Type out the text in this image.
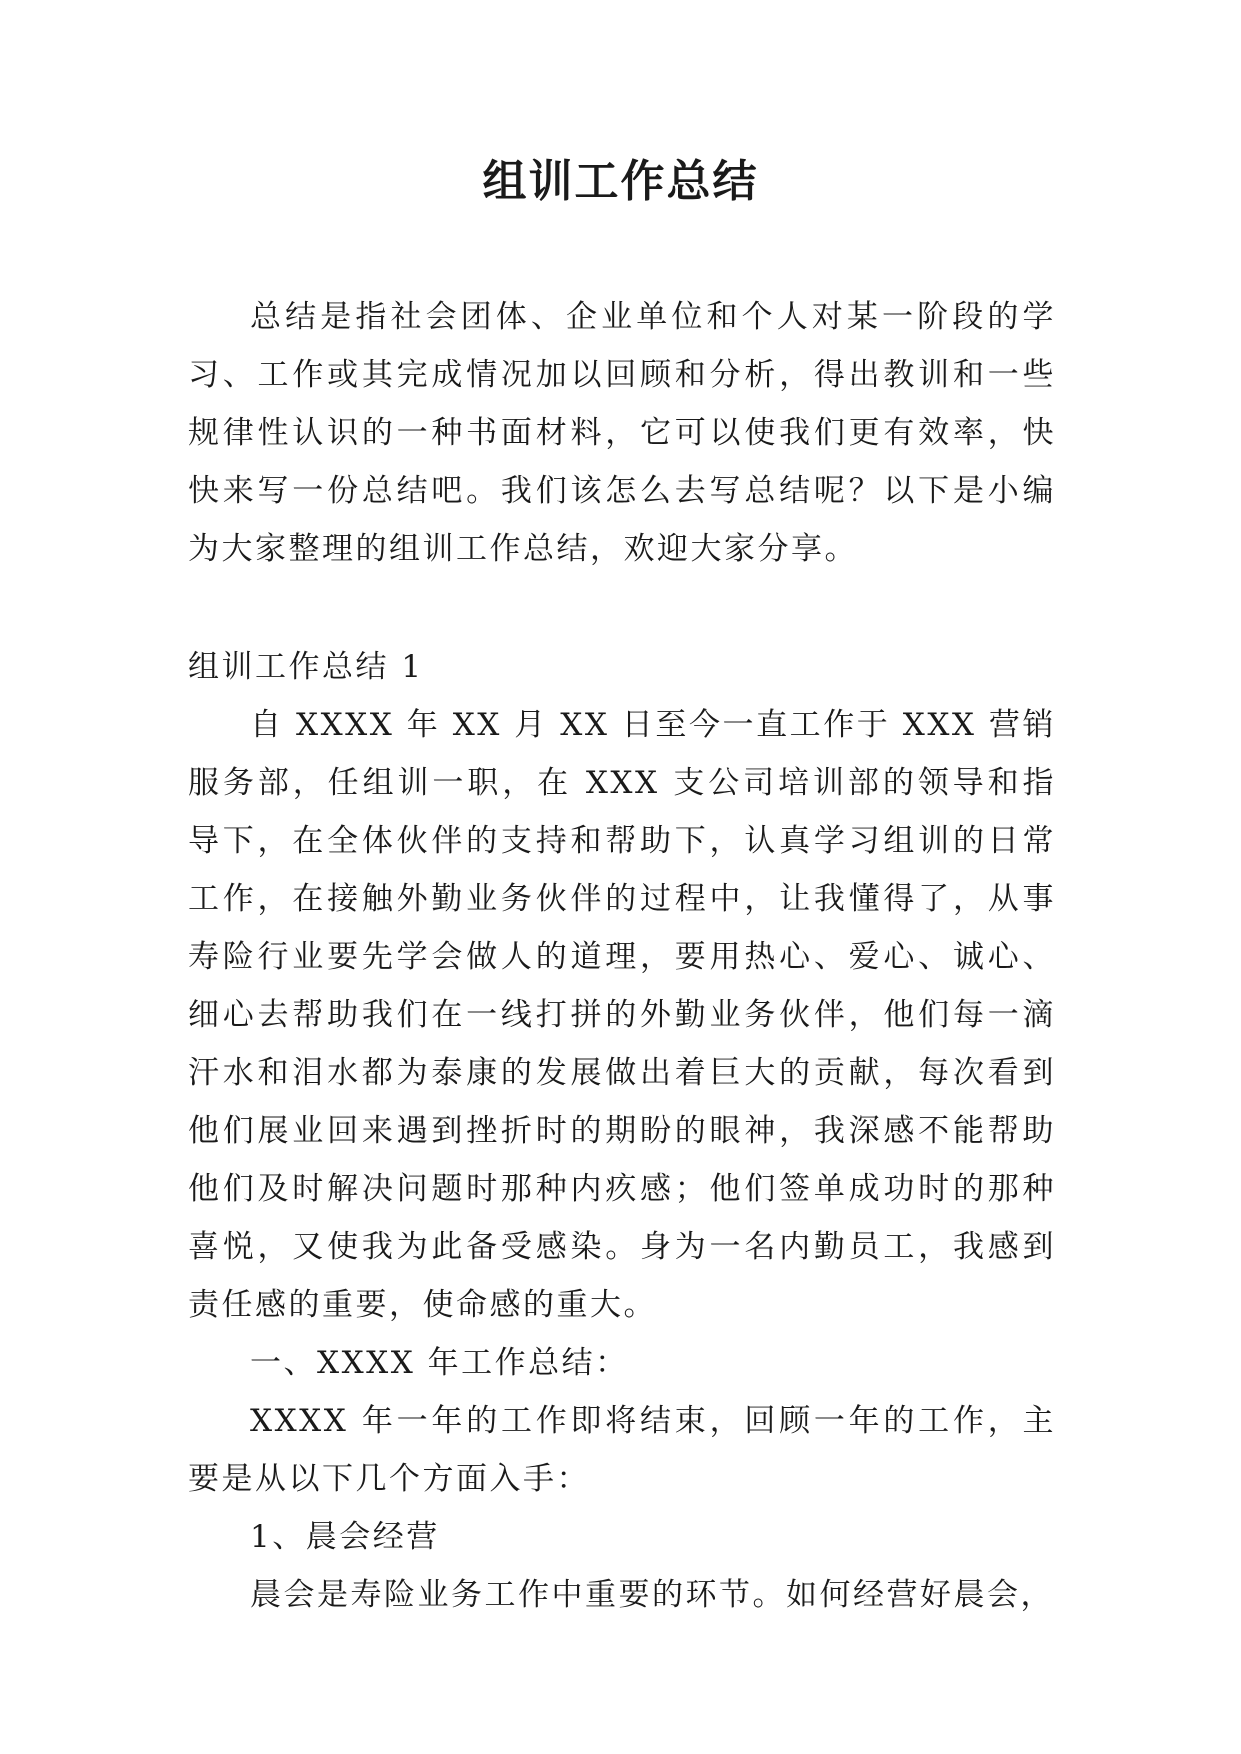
组训工作总结

总结是指社会团体、企业单位和个人对某一阶段的学习、工作或其完成情况加以回顾和分析，得出教训和一些规律性认识的一种书面材料，它可以使我们更有效率，快快来写一份总结吧。我们该怎么去写总结呢？以下是小编为大家整理的组训工作总结，欢迎大家分享。

组训工作总结 1

自 XXXX 年 XX 月 XX 日至今一直工作于 XXX 营销服务部，任组训一职，在 XXX 支公司培训部的领导和指导下，在全体伙伴的支持和帮助下，认真学习组训的日常工作，在接触外勤业务伙伴的过程中，让我懂得了，从事寿险行业要先学会做人的道理，要用热心、爱心、诚心、细心去帮助我们在一线打拼的外勤业务伙伴，他们每一滴汗水和泪水都为泰康的发展做出着巨大的贡献，每次看到他们展业回来遇到挫折时的期盼的眼神，我深感不能帮助他们及时解决问题时那种内疚感；他们签单成功时的那种喜悦，又使我为此备受感染。身为一名内勤员工，我感到责任感的重要，使命感的重大。

一、XXXX 年工作总结：

XXXX 年一年的工作即将结束，回顾一年的工作，主要是从以下几个方面入手：

1、晨会经营

晨会是寿险业务工作中重要的环节。如何经营好晨会，
